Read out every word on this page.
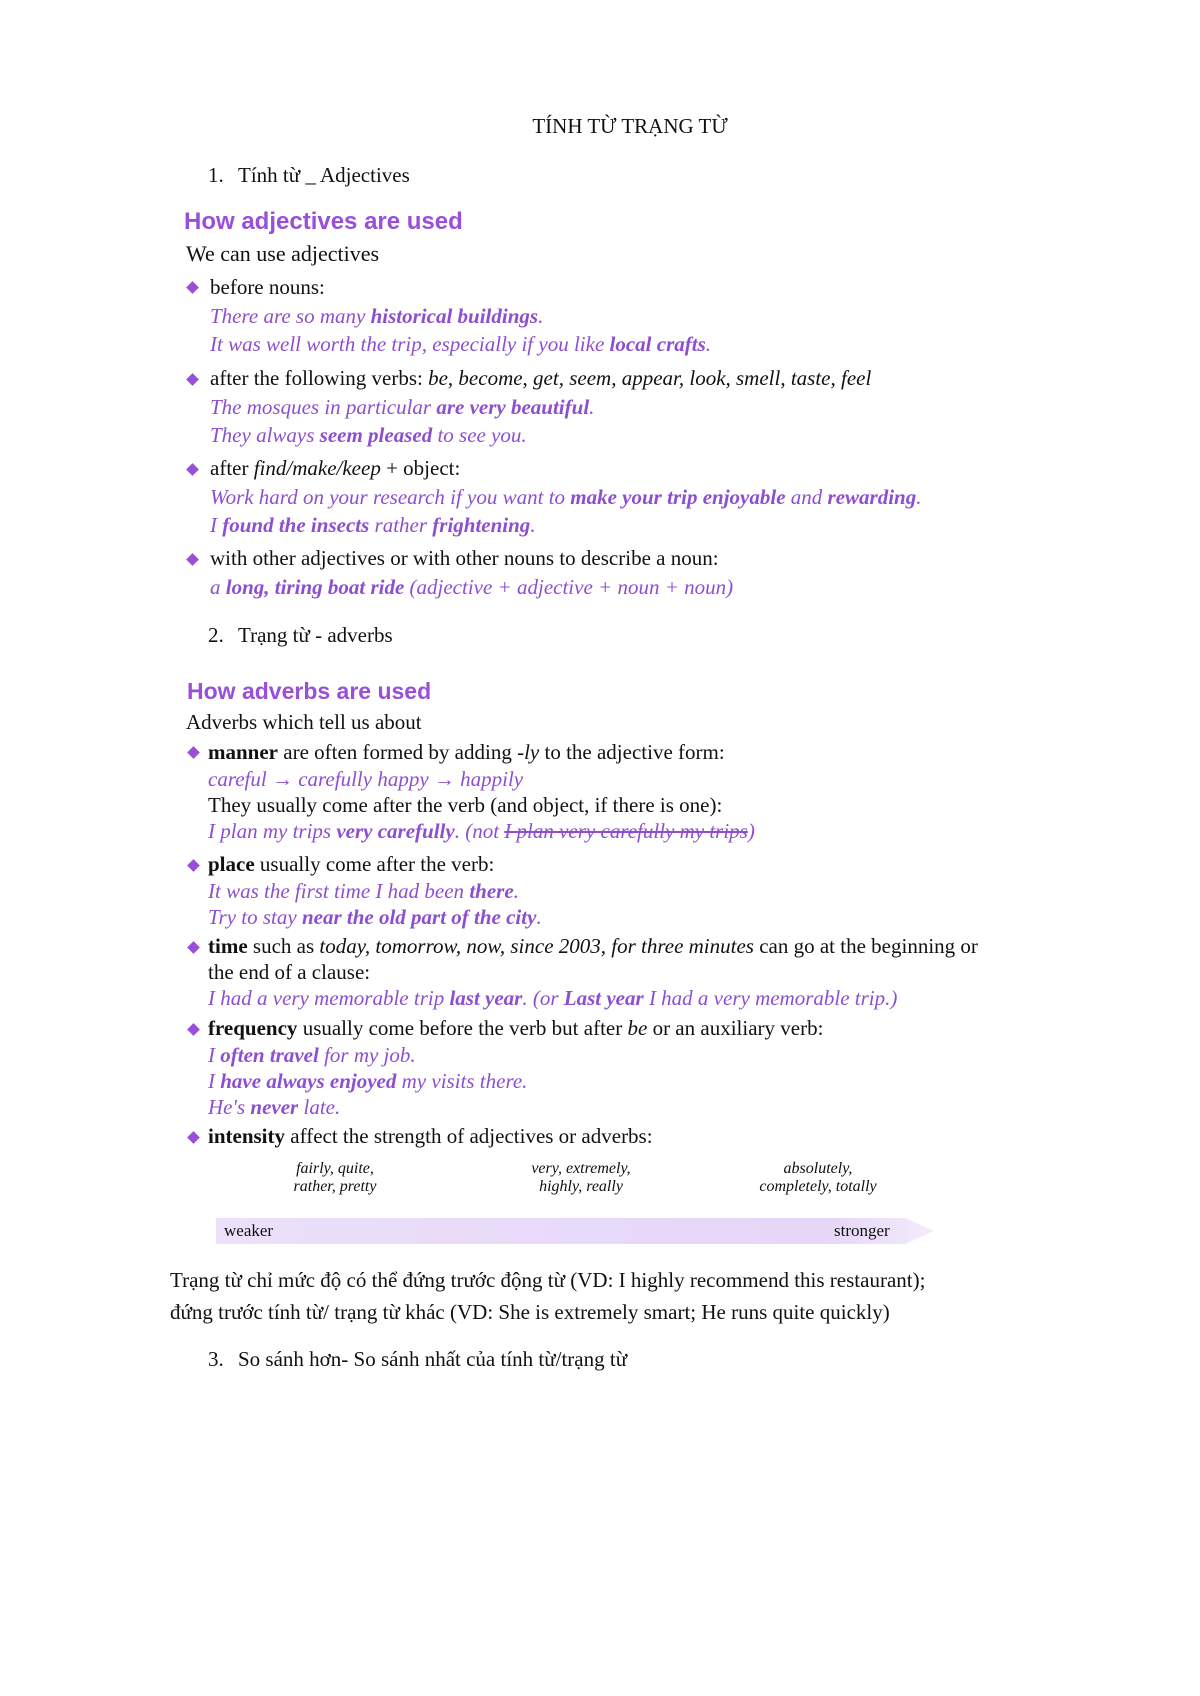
TÍNH TỪ TRẠNG TỪ
1. Tính từ _ Adjectives
How adjectives are used
We can use adjectives
before nouns:
There are so many historical buildings.
It was well worth the trip, especially if you like local crafts.
after the following verbs: be, become, get, seem, appear, look, smell, taste, feel
The mosques in particular are very beautiful.
They always seem pleased to see you.
after find/make/keep + object:
Work hard on your research if you want to make your trip enjoyable and rewarding.
I found the insects rather frightening.
with other adjectives or with other nouns to describe a noun:
a long, tiring boat ride (adjective + adjective + noun + noun)
2. Trạng từ - adverbs
How adverbs are used
Adverbs which tell us about
manner are often formed by adding -ly to the adjective form:
careful → carefully happy → happily
They usually come after the verb (and object, if there is one):
I plan my trips very carefully. (not I plan very carefully my trips)
place usually come after the verb:
It was the first time I had been there.
Try to stay near the old part of the city.
time such as today, tomorrow, now, since 2003, for three minutes can go at the beginning or
the end of a clause:
I had a very memorable trip last year. (or Last year I had a very memorable trip.)
frequency usually come before the verb but after be or an auxiliary verb:
I often travel for my job.
I have always enjoyed my visits there.
He's never late.
intensity affect the strength of adjectives or adverbs:
fairly, quite,
rather, pretty
very, extremely,
highly, really
absolutely,
completely, totally
weaker	stronger
Trạng từ chỉ mức độ có thể đứng trước động từ (VD: I highly recommend this restaurant);
đứng trước tính từ/ trạng từ khác (VD: She is extremely smart; He runs quite quickly)
3. So sánh hơn- So sánh nhất của tính từ/trạng từ
